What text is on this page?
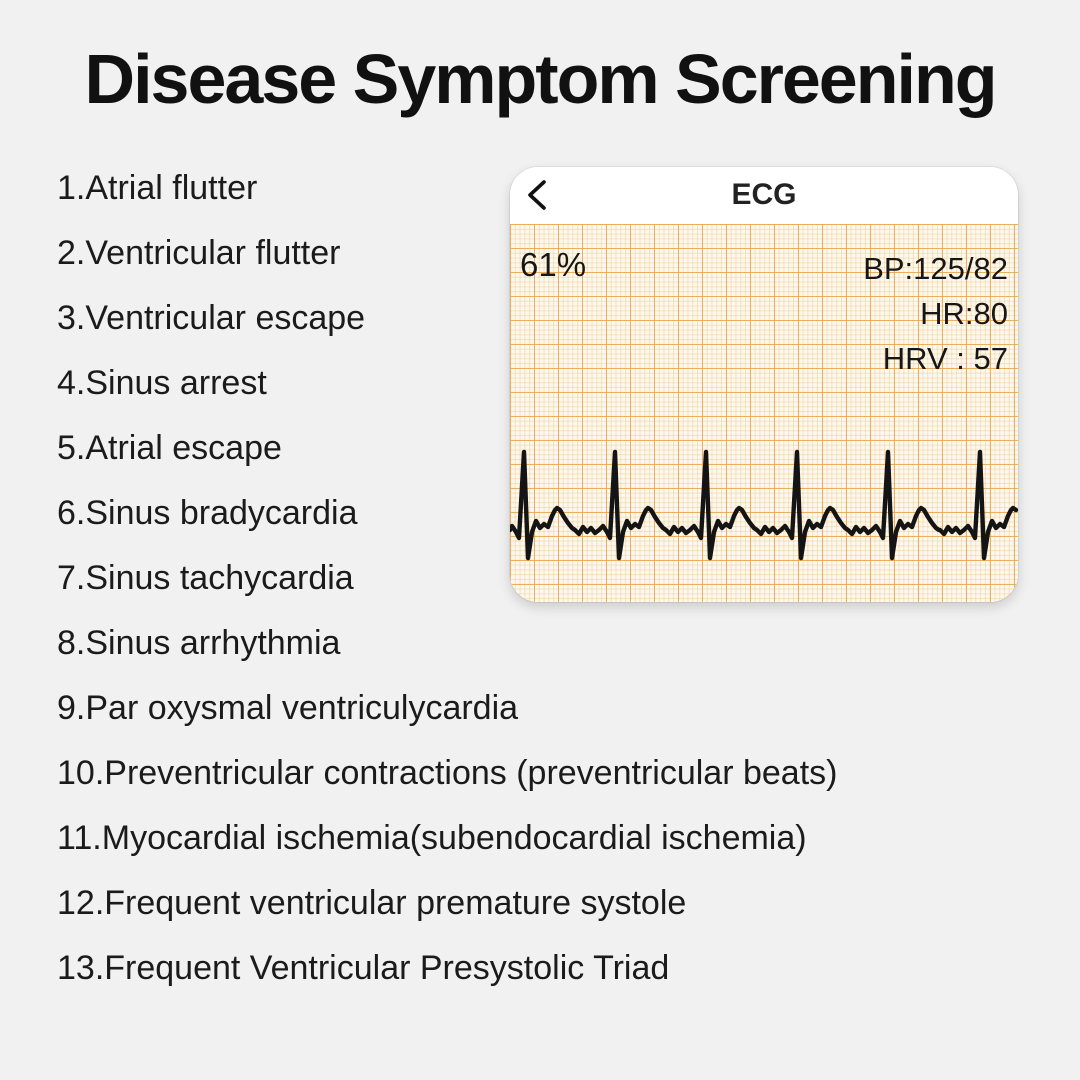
Disease Symptom Screening
1.Atrial flutter
2.Ventricular flutter
3.Ventricular escape
4.Sinus arrest
5.Atrial escape
6.Sinus bradycardia
7.Sinus tachycardia
8.Sinus arrhythmia
9.Par oxysmal ventriculycardia
10.Preventricular contractions (preventricular beats)
11.Myocardial ischemia(subendocardial ischemia)
12.Frequent ventricular premature systole
13.Frequent Ventricular Presystolic Triad
ECG
61%	BP:125/82
HR:80
HRV : 57
